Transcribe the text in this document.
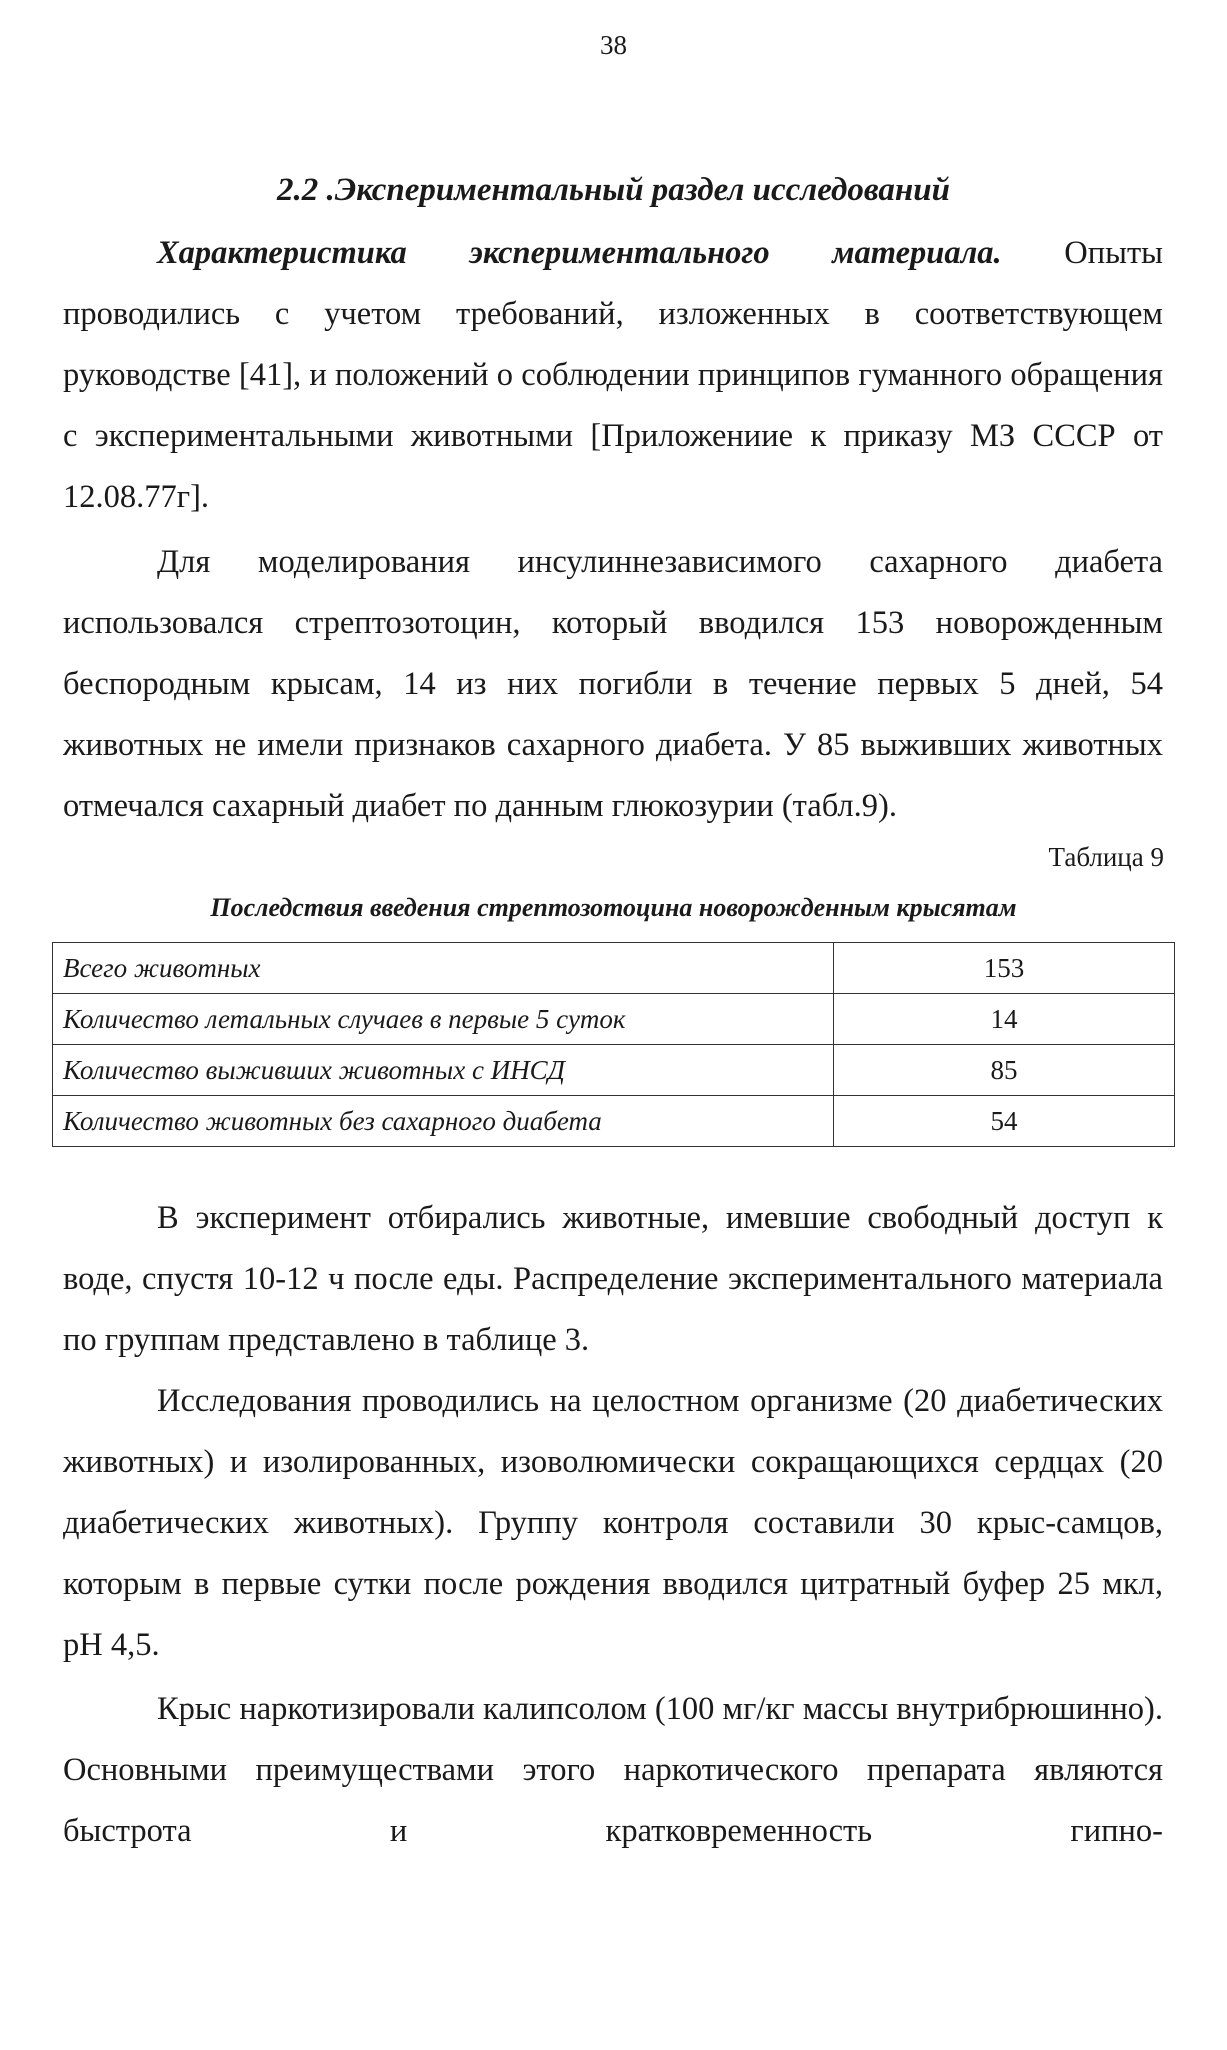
38
2.2 .Экспериментальный раздел исследований

Характеристика экспериментального материала. Опыты проводились с учетом требований, изложенных в соответствующем руководстве [41], и положений о соблюдении принципов гуманного обращения с экспериментальными животными [Приложениие к приказу МЗ СССР от 12.08.77г].

Для моделирования инсулиннезависимого сахарного диабета использовался стрептозотоцин, который вводился 153 новорожденным беспородным крысам, 14 из них погибли в течение первых 5 дней, 54 животных не имели признаков сахарного диабета. У 85 выживших животных отмечался сахарный диабет по данным глюкозурии (табл.9).

Таблица 9
Последствия введения стрептозотоцина новорожденным крысятам
Всего животных	153
Количество летальных случаев в первые 5 суток	14
Количество выживших животных с ИНСД	85
Количество животных без сахарного диабета	54

В эксперимент отбирались животные, имевшие свободный доступ к воде, спустя 10-12 ч после еды. Распределение экспериментального материала по группам представлено в таблице 3.

Исследования проводились на целостном организме (20 диабетических животных) и изолированных, изоволюмически сокращающихся сердцах (20 диабетических животных). Группу контроля составили 30 крыс-самцов, которым в первые сутки после рождения вводился цитратный буфер 25 мкл, рН 4,5.

Крыс наркотизировали калипсолом (100 мг/кг массы внутрибрюшинно). Основными преимуществами этого наркотического препарата являются быстрота и кратковременность гипно-
